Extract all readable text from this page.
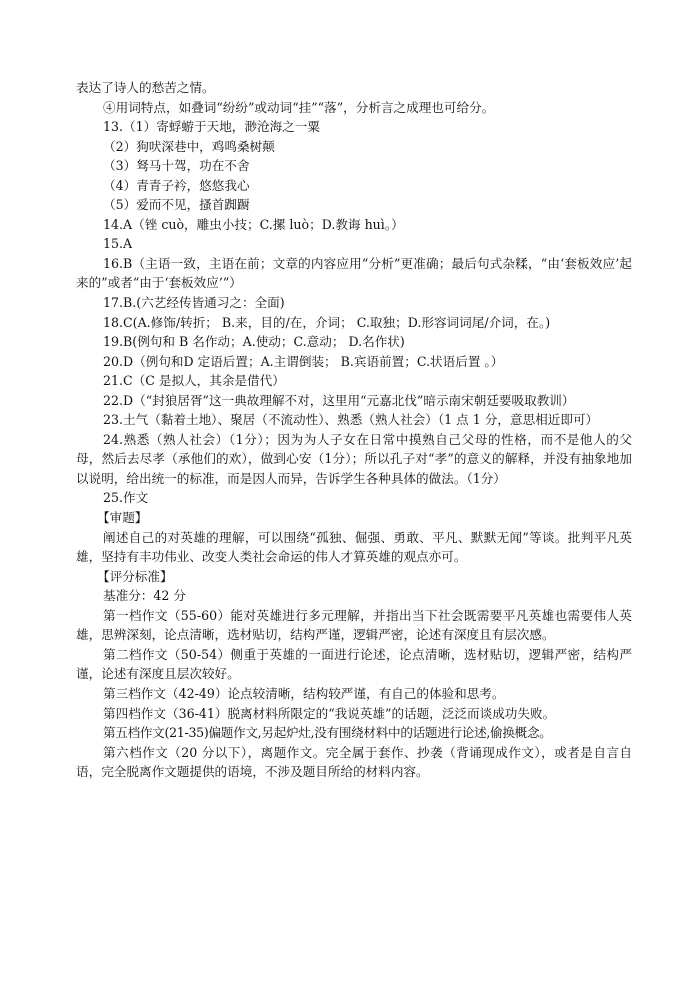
表达了诗人的愁苦之情。

④用词特点，如叠词“纷纷”或动词“挂”“落”，分析言之成理也可给分。

13.（1）寄蜉蝣于天地，渺沧海之一粟

（2）狗吠深巷中，鸡鸣桑树颠

（3）驽马十驾，功在不舍

（4）青青子衿，悠悠我心

（5）爱而不见，搔首踟蹰

14.A（锉 cuò，雕虫小技；C.摞 luò；D.教诲 huì。）

15.A

16.B（主语一致，主语在前；文章的内容应用“分析”更准确；最后句式杂糅，“由‘套板效应’起来的”或者“由于‘套板效应’”）

17.B.(六艺经传皆通习之：全面)

18.C(A.修饰/转折； B.来，目的/在，介词； C.取独；D.形容词词尾/介词，在。)

19.B(例句和 B 名作动；A.使动；C.意动； D.名作状)

20.D（例句和D 定语后置；A.主谓倒装； B.宾语前置；C.状语后置 。）

21.C（C 是拟人，其余是借代）

22.D（“封狼居胥”这一典故理解不对，这里用“元嘉北伐”暗示南宋朝廷要吸取教训）

23.土气（黏着土地）、聚居（不流动性）、熟悉（熟人社会）（1 点 1 分，意思相近即可）

24.熟悉（熟人社会）（1分）；因为为人子女在日常中摸熟自己父母的性格，而不是他人的父母，然后去尽孝（承他们的欢），做到心安（1分）；所以孔子对“孝”的意义的解释，并没有抽象地加以说明，给出统一的标准，而是因人而异，告诉学生各种具体的做法。（1分）

25.作文

【审题】

阐述自己的对英雄的理解，可以围绕“孤独、倔强、勇敢、平凡、默默无闻”等谈。批判平凡英雄，坚持有丰功伟业、改变人类社会命运的伟人才算英雄的观点亦可。

【评分标准】

基准分：42 分

第一档作文（55-60）能对英雄进行多元理解，并指出当下社会既需要平凡英雄也需要伟人英雄，思辨深刻，论点清晰，选材贴切，结构严谨，逻辑严密，论述有深度且有层次感。

第二档作文（50-54）侧重于英雄的一面进行论述，论点清晰，选材贴切，逻辑严密，结构严谨，论述有深度且层次较好。

第三档作文（42-49）论点较清晰，结构较严谨，有自己的体验和思考。

第四档作文（36-41）脱离材料所限定的“我说英雄”的话题，泛泛而谈成功失败。

第五档作文(21-35)偏题作文,另起炉灶,没有围绕材料中的话题进行论述,偷换概念。

第六档作文（20 分以下），离题作文。完全属于套作、抄袭（背诵现成作文），或者是自言自语，完全脱离作文题提供的语境，不涉及题目所给的材料内容。
